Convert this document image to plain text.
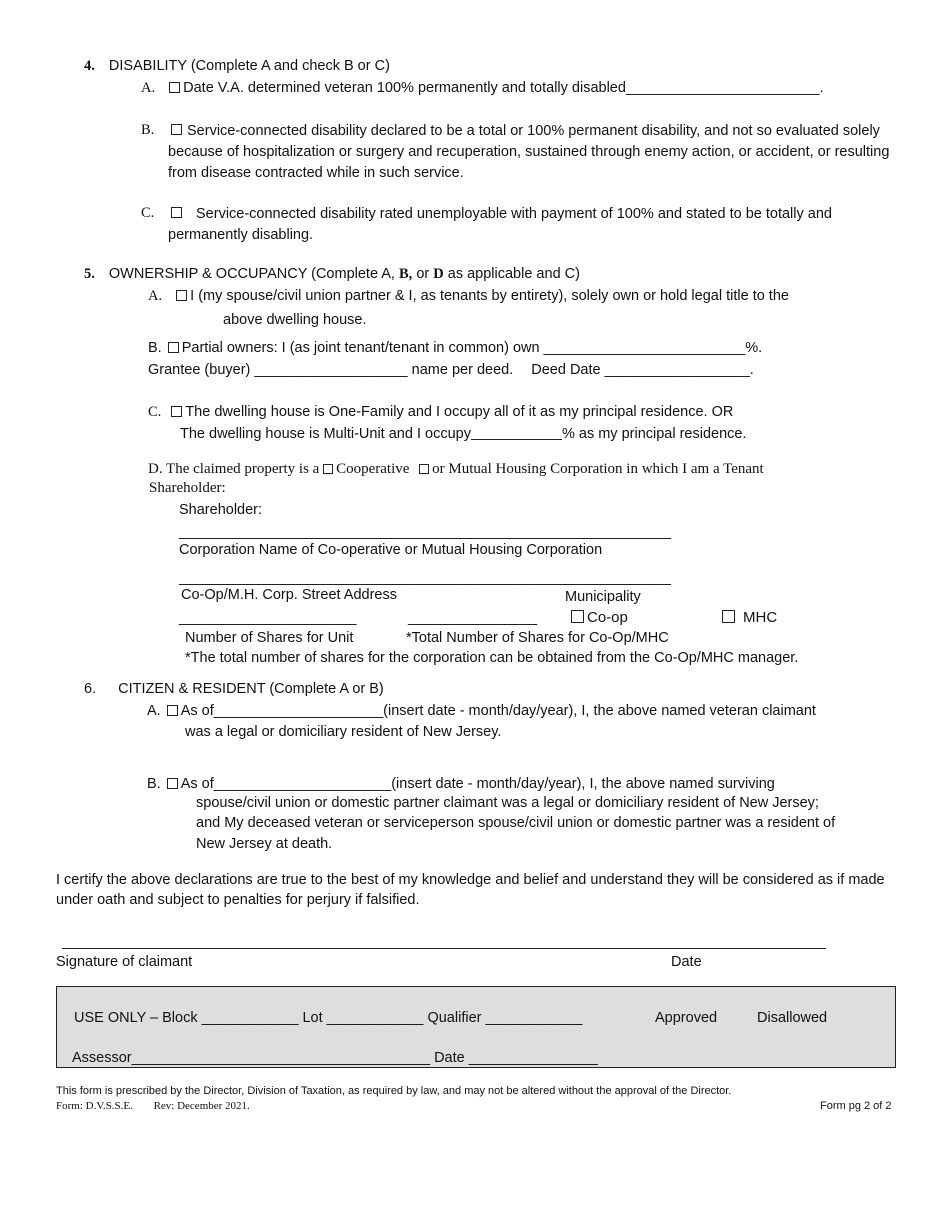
4. DISABILITY (Complete A and check B or C)
A. Date V.A. determined veteran 100% permanently and totally disabled________________________.
B.	Service-connected disability declared to be a total or 100% permanent disability, and not so evaluated solely because of hospitalization or surgery and recuperation, sustained through enemy action, or accident, or resulting from disease contracted while in such service.
C.	Service-connected disability rated unemployable with payment of 100% and stated to be totally and permanently disabling.
5. OWNERSHIP & OCCUPANCY (Complete A, B, or D as applicable and C)
A. I (my spouse/civil union partner & I, as tenants by entirety), solely own or hold legal title to the
above dwelling house.
B. Partial owners: I (as joint tenant/tenant in common) own _________________________%.
Grantee (buyer) ___________________ name per deed. Deed Date __________________.
C. The dwelling house is One-Family and I occupy all of it as my principal residence. OR
The dwelling house is Multi-Unit and I occupy	% as my principal residence.
D. The claimed property is a Cooperative or Mutual Housing Corporation in which I am a Tenant
Shareholder:
Shareholder:
_____________________________________________________________
Corporation Name of Co-operative or Mutual Housing Corporation
_____________________________________________________________
Co-Op/M.H. Corp. Street Address	Municipality
______________________	________________	Co-op	MHC
Number of Shares for Unit	*Total Number of Shares for Co-Op/MHC
*The total number of shares for the corporation can be obtained from the Co-Op/MHC manager.
6. CITIZEN & RESIDENT (Complete A or B)
A. As of_____________________(insert date - month/day/year), I, the above named veteran claimant
was a legal or domiciliary resident of New Jersey.
B. As of______________________(insert date - month/day/year), I, the above named surviving
spouse/civil union or domestic partner claimant was a legal or domiciliary resident of New Jersey;
and My deceased veteran or serviceperson spouse/civil union or domestic partner was a resident of
New Jersey at death.
I certify the above declarations are true to the best of my knowledge and belief and understand they will be considered as if made under oath and subject to penalties for perjury if falsified.
Signature of claimant	Date
USE ONLY – Block ____________ Lot ____________ Qualifier ____________	Approved	Disallowed
Assessor_____________________________________ Date ________________
This form is prescribed by the Director, Division of Taxation, as required by law, and may not be altered without the approval of the Director.
Form: D.V.S.S.E. Rev: December 2021.	Form pg 2 of 2
